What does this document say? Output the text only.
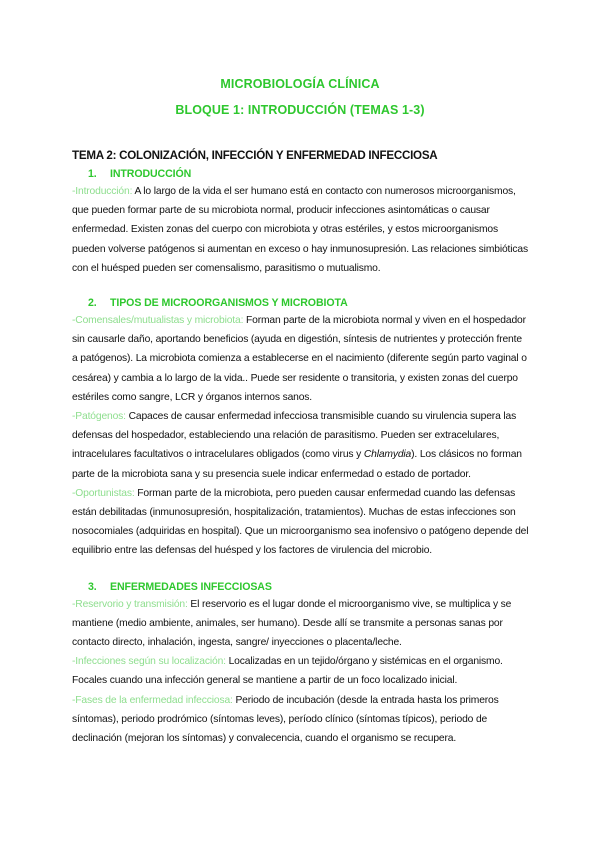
MICROBIOLOGÍA CLÍNICA

BLOQUE 1: INTRODUCCIÓN (TEMAS 1-3)

TEMA 2: COLONIZACIÓN, INFECCIÓN Y ENFERMEDAD INFECCIOSA

1. INTRODUCCIÓN

-Introducción: A lo largo de la vida el ser humano está en contacto con numerosos microorganismos, que pueden formar parte de su microbiota normal, producir infecciones asintomáticas o causar enfermedad. Existen zonas del cuerpo con microbiota y otras estériles, y estos microorganismos pueden volverse patógenos si aumentan en exceso o hay inmunosupresión. Las relaciones simbióticas con el huésped pueden ser comensalismo, parasitismo o mutualismo.

2. TIPOS DE MICROORGANISMOS Y MICROBIOTA

-Comensales/mutualistas y microbiota: Forman parte de la microbiota normal y viven en el hospedador sin causarle daño, aportando beneficios (ayuda en digestión, síntesis de nutrientes y protección frente a patógenos). La microbiota comienza a establecerse en el nacimiento (diferente según parto vaginal o cesárea) y cambia a lo largo de la vida.. Puede ser residente o transitoria, y existen zonas del cuerpo estériles como sangre, LCR y órganos internos sanos.

-Patógenos: Capaces de causar enfermedad infecciosa transmisible cuando su virulencia supera las defensas del hospedador, estableciendo una relación de parasitismo. Pueden ser extracelulares, intracelulares facultativos o intracelulares obligados (como virus y Chlamydia). Los clásicos no forman parte de la microbiota sana y su presencia suele indicar enfermedad o estado de portador.

-Oportunistas: Forman parte de la microbiota, pero pueden causar enfermedad cuando las defensas están debilitadas (inmunosupresión, hospitalización, tratamientos). Muchas de estas infecciones son nosocomiales (adquiridas en hospital). Que un microorganismo sea inofensivo o patógeno depende del equilibrio entre las defensas del huésped y los factores de virulencia del microbio.

3. ENFERMEDADES INFECCIOSAS

-Reservorio y transmisión: El reservorio es el lugar donde el microorganismo vive, se multiplica y se mantiene (medio ambiente, animales, ser humano). Desde allí se transmite a personas sanas por contacto directo, inhalación, ingesta, sangre/ inyecciones o placenta/leche.

-Infecciones según su localización: Localizadas en un tejido/órgano y sistémicas en el organismo. Focales cuando una infección general se mantiene a partir de un foco localizado inicial.

-Fases de la enfermedad infecciosa: Periodo de incubación (desde la entrada hasta los primeros síntomas), periodo prodrómico (síntomas leves), período clínico (síntomas típicos), periodo de declinación (mejoran los síntomas) y convalecencia, cuando el organismo se recupera.
